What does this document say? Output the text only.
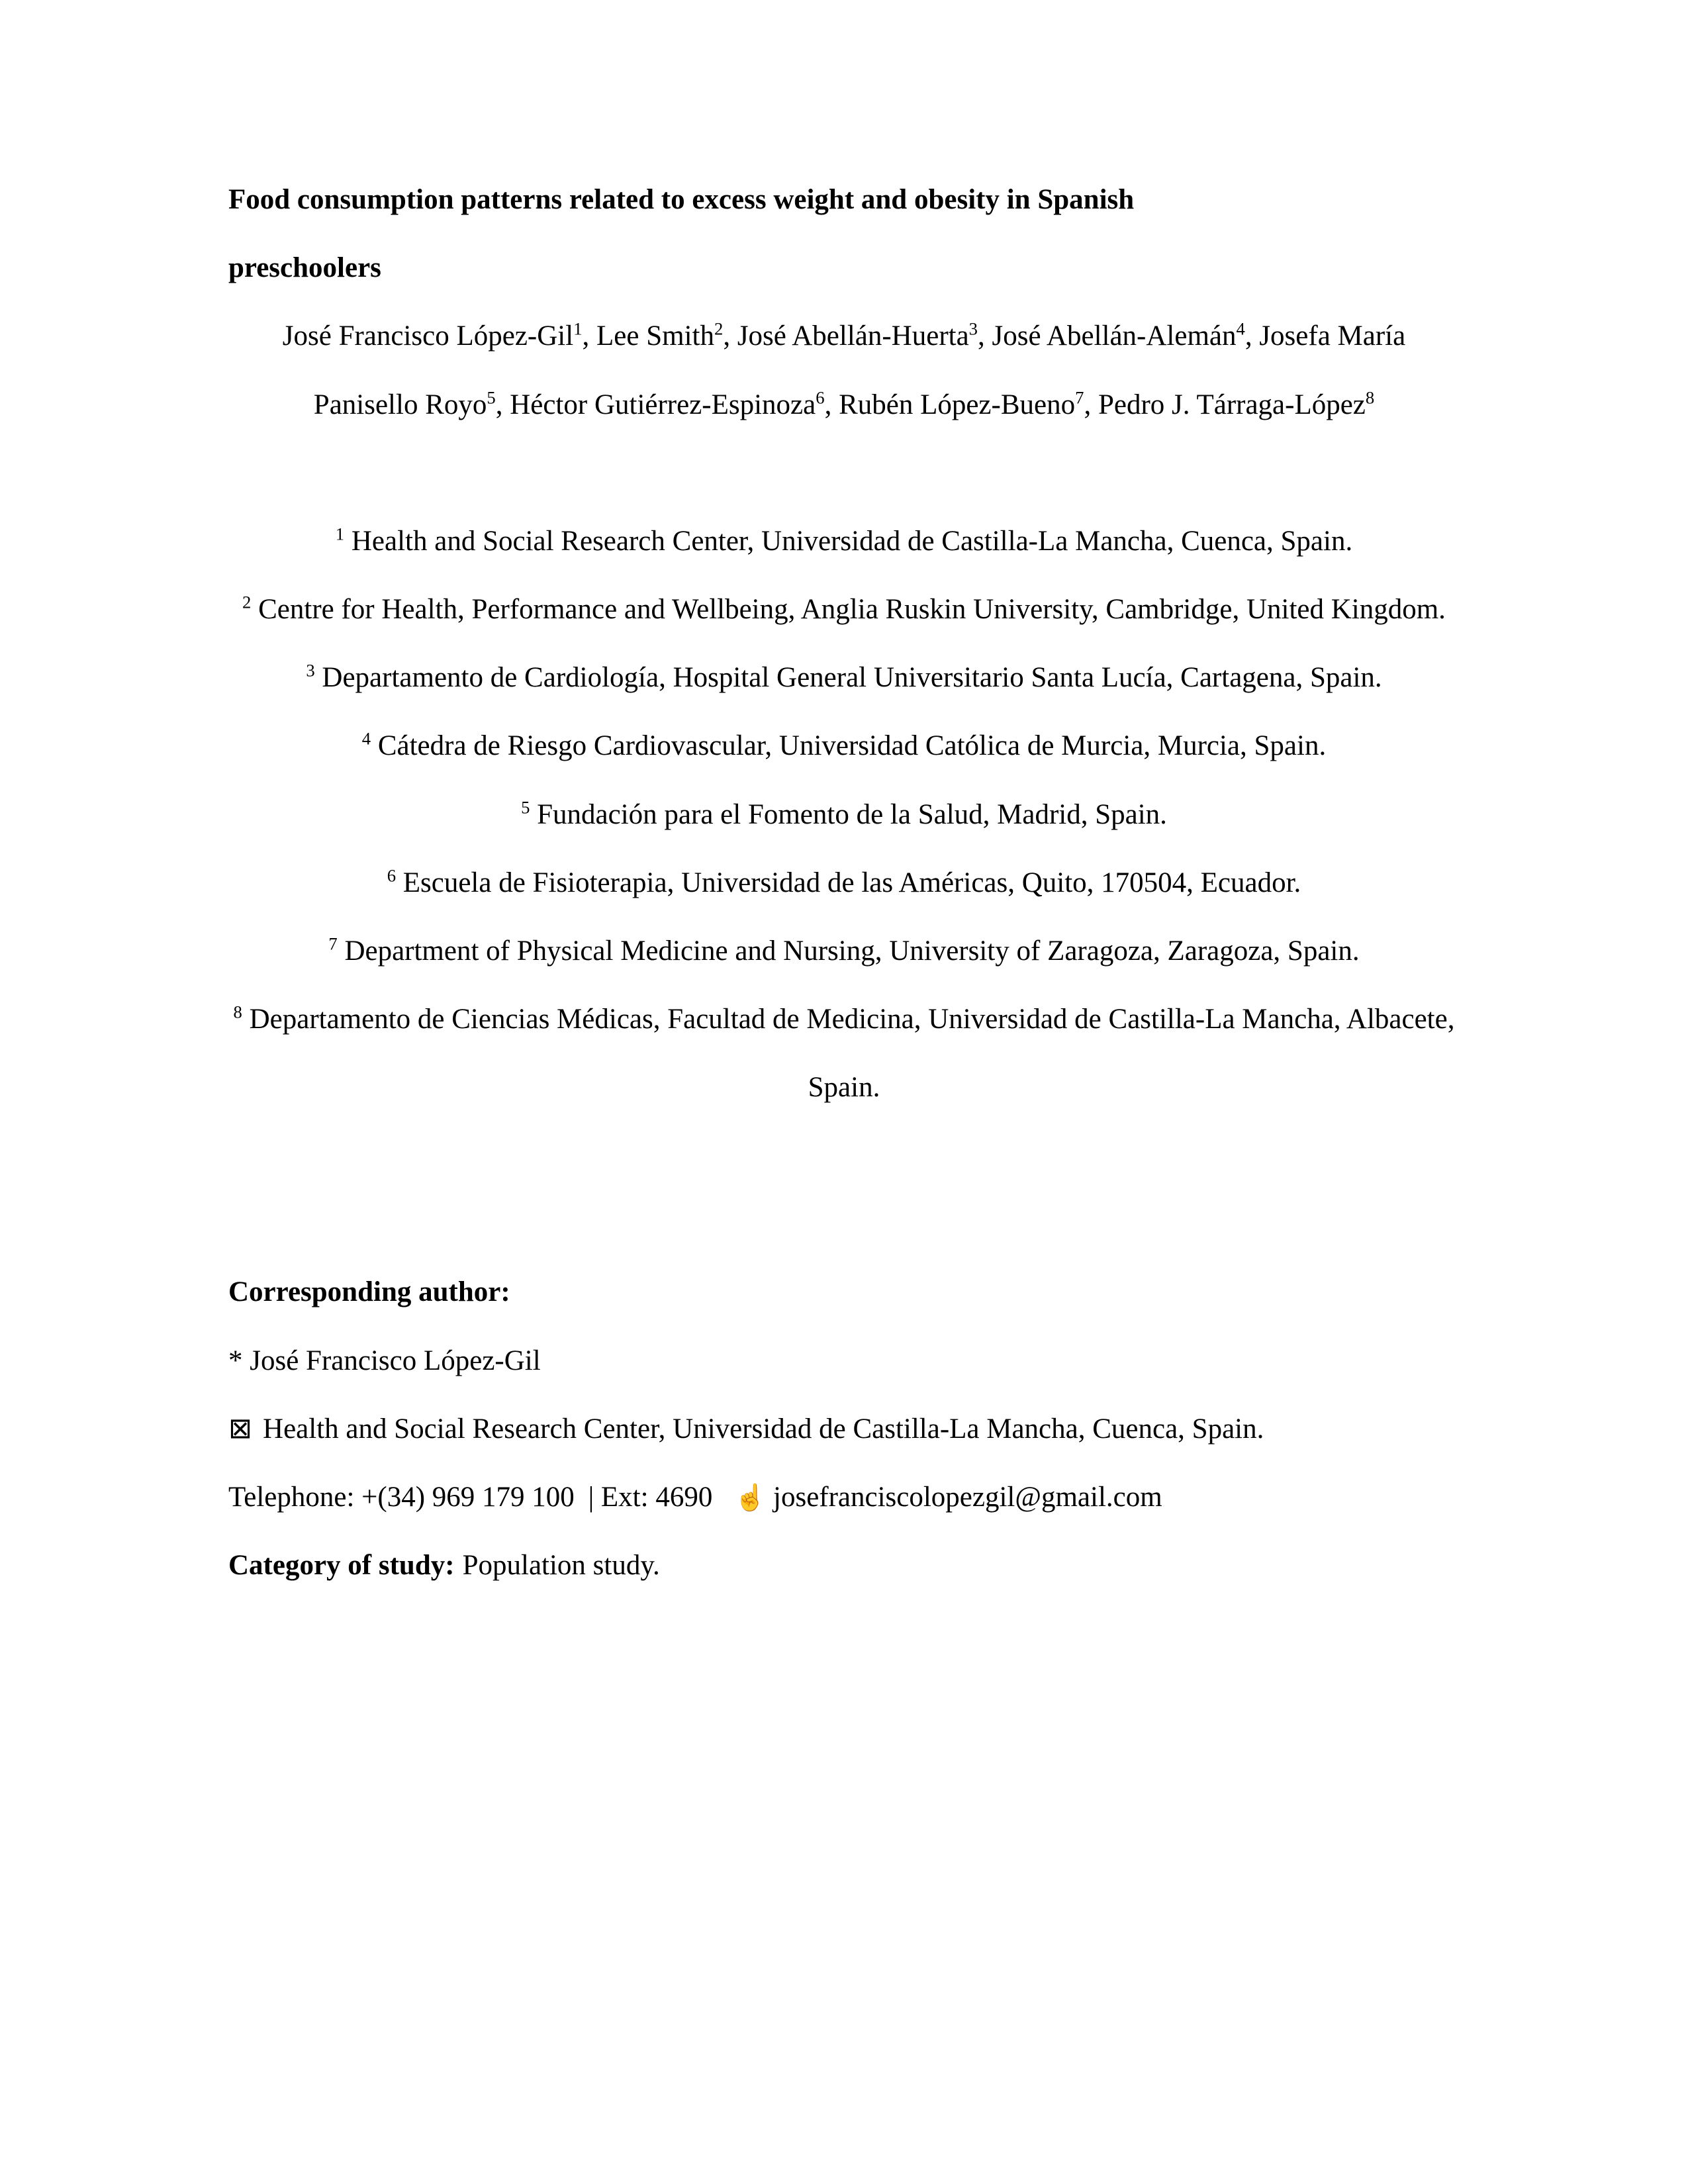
Food consumption patterns related to excess weight and obesity in Spanish
preschoolers

José Francisco López-Gil$^1$, Lee Smith$^2$, José Abellán-Huerta$^3$, José Abellán-Alemán$^4$, Josefa María Panisello Royo$^5$, Héctor Gutiérrez-Espinoza$^6$, Rubén López-Bueno$^7$, Pedro J. Tárraga-López$^8$

$^1$ Health and Social Research Center, Universidad de Castilla-La Mancha, Cuenca, Spain.

$^2$ Centre for Health, Performance and Wellbeing, Anglia Ruskin University, Cambridge, United Kingdom.

$^3$ Departamento de Cardiología, Hospital General Universitario Santa Lucía, Cartagena, Spain.

$^4$ Cátedra de Riesgo Cardiovascular, Universidad Católica de Murcia, Murcia, Spain.

$^5$ Fundación para el Fomento de la Salud, Madrid, Spain.

$^6$ Escuela de Fisioterapia, Universidad de las Américas, Quito, 170504, Ecuador.

$^7$ Department of Physical Medicine and Nursing, University of Zaragoza, Zaragoza, Spain.

$^8$ Departamento de Ciencias Médicas, Facultad de Medicina, Universidad de Castilla-La Mancha, Albacete, Spain.

Corresponding author:

* José Francisco López-Gil

⊠ Health and Social Research Center, Universidad de Castilla-La Mancha, Cuenca, Spain.

Telephone: +(34) 969 179 100 | Ext: 4690 ☝ josefranciscolopezgil@gmail.com

Category of study: Population study.
